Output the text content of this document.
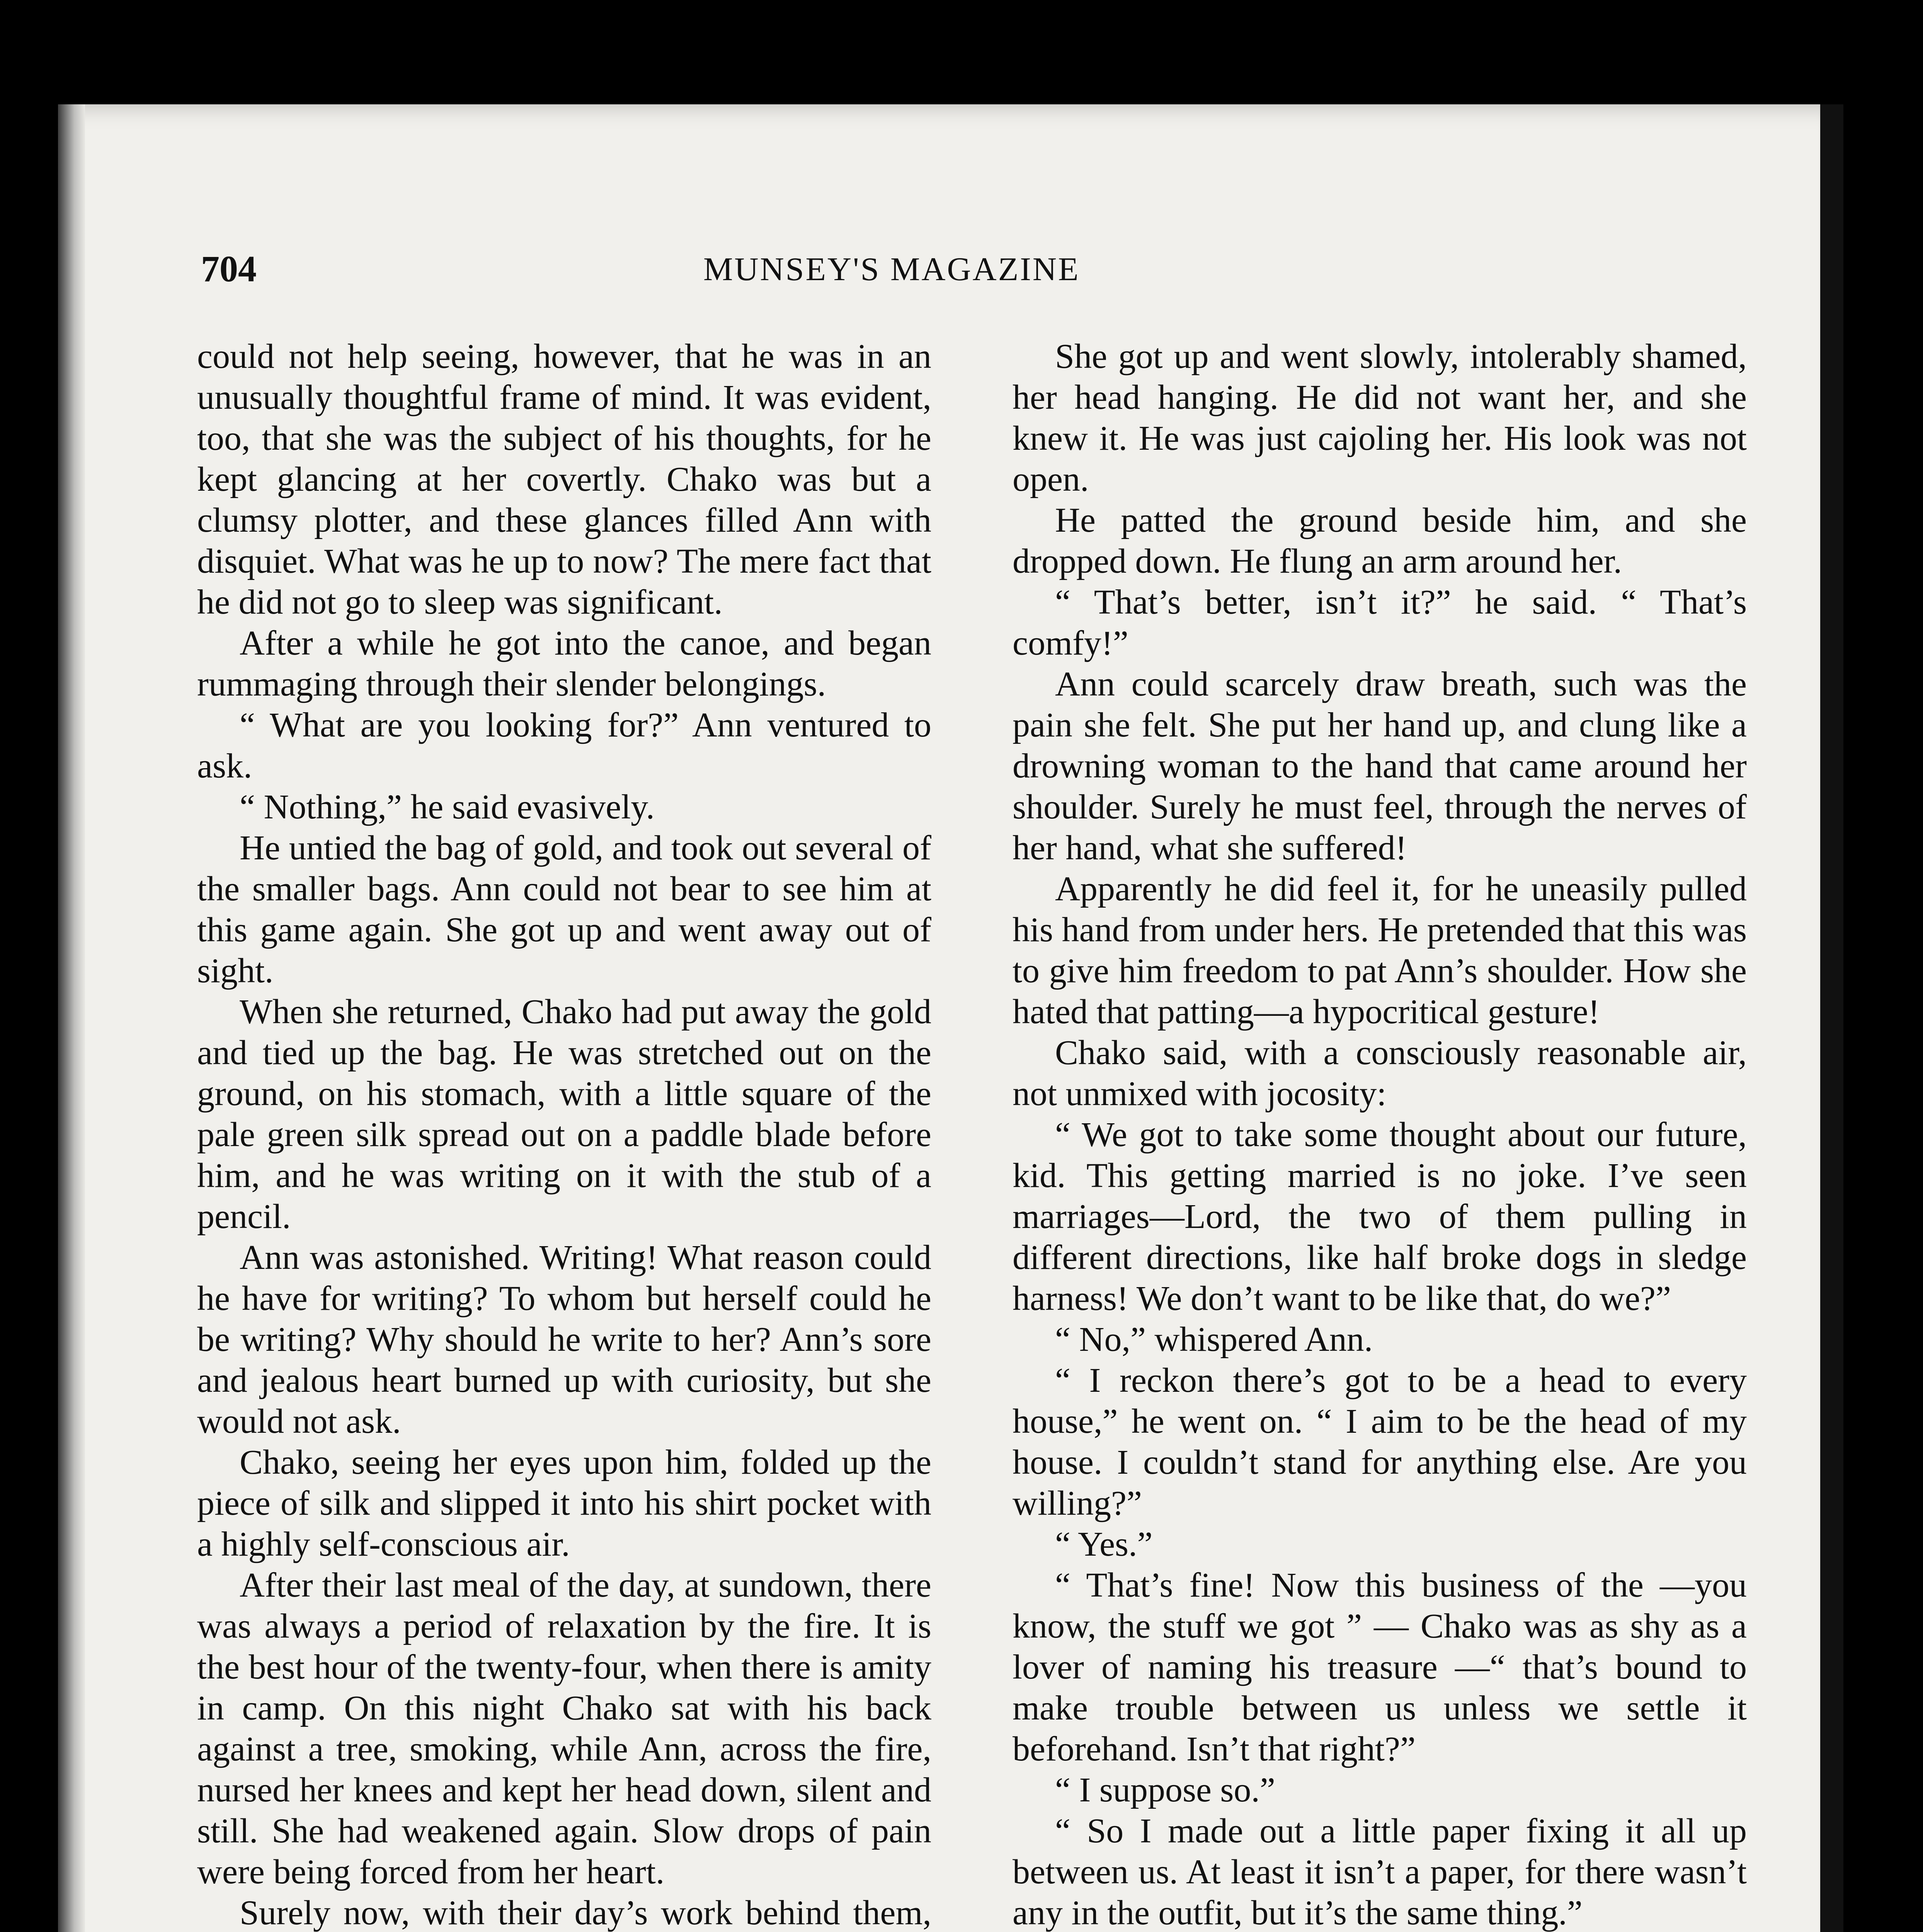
704	MUNSEY'S MAGAZINE

could not help seeing, however, that he was in an unusually thoughtful frame of mind. It was evident, too, that she was the subject of his thoughts, for he kept glancing at her covertly. Chako was but a clumsy plotter, and these glances filled Ann with disquiet. What was he up to now? The mere fact that he did not go to sleep was significant.

After a while he got into the canoe, and began rummaging through their slender belongings.

“ What are you looking for?” Ann ventured to ask.

“ Nothing,” he said evasively.

He untied the bag of gold, and took out several of the smaller bags. Ann could not bear to see him at this game again. She got up and went away out of sight.

When she returned, Chako had put away the gold and tied up the bag. He was stretched out on the ground, on his stomach, with a little square of the pale green silk spread out on a paddle blade before him, and he was writing on it with the stub of a pencil.

Ann was astonished. Writing! What reason could he have for writing? To whom but herself could he be writing? Why should he write to her? Ann’s sore and jealous heart burned up with curiosity, but she would not ask.

Chako, seeing her eyes upon him, folded up the piece of silk and slipped it into his shirt pocket with a highly self-conscious air.

After their last meal of the day, at sundown, there was always a period of relaxation by the fire. It is the best hour of the twenty-four, when there is amity in camp. On this night Chako sat with his back against a tree, smoking, while Ann, across the fire, nursed her knees and kept her head down, silent and still. She had weakened again. Slow drops of pain were being forced from her heart.

Surely now, with their day’s work behind them,

She got up and went slowly, intolerably shamed, her head hanging. He did not want her, and she knew it. He was just cajoling her. His look was not open.

He patted the ground beside him, and she dropped down. He flung an arm around her.

“ That’s better, isn’t it?” he said. “ That’s comfy!”

Ann could scarcely draw breath, such was the pain she felt. She put her hand up, and clung like a drowning woman to the hand that came around her shoulder. Surely he must feel, through the nerves of her hand, what she suffered!

Apparently he did feel it, for he uneasily pulled his hand from under hers. He pretended that this was to give him freedom to pat Ann’s shoulder. How she hated that patting—a hypocritical gesture!

Chako said, with a consciously reasonable air, not unmixed with jocosity:

“ We got to take some thought about our future, kid. This getting married is no joke. I’ve seen marriages—Lord, the two of them pulling in different directions, like half broke dogs in sledge harness! We don’t want to be like that, do we?”

“ No,” whispered Ann.

“ I reckon there’s got to be a head to every house,” he went on. “ I aim to be the head of my house. I couldn’t stand for anything else. Are you willing?”

“ Yes.”

“ That’s fine! Now this business of the —you know, the stuff we got ” — Chako was as shy as a lover of naming his treasure —“ that’s bound to make trouble between us unless we settle it beforehand. Isn’t that right?”

“ I suppose so.”

“ So I made out a little paper fixing it all up between us. At least it isn’t a paper, for there wasn’t any in the outfit, but it’s the same thing.”
